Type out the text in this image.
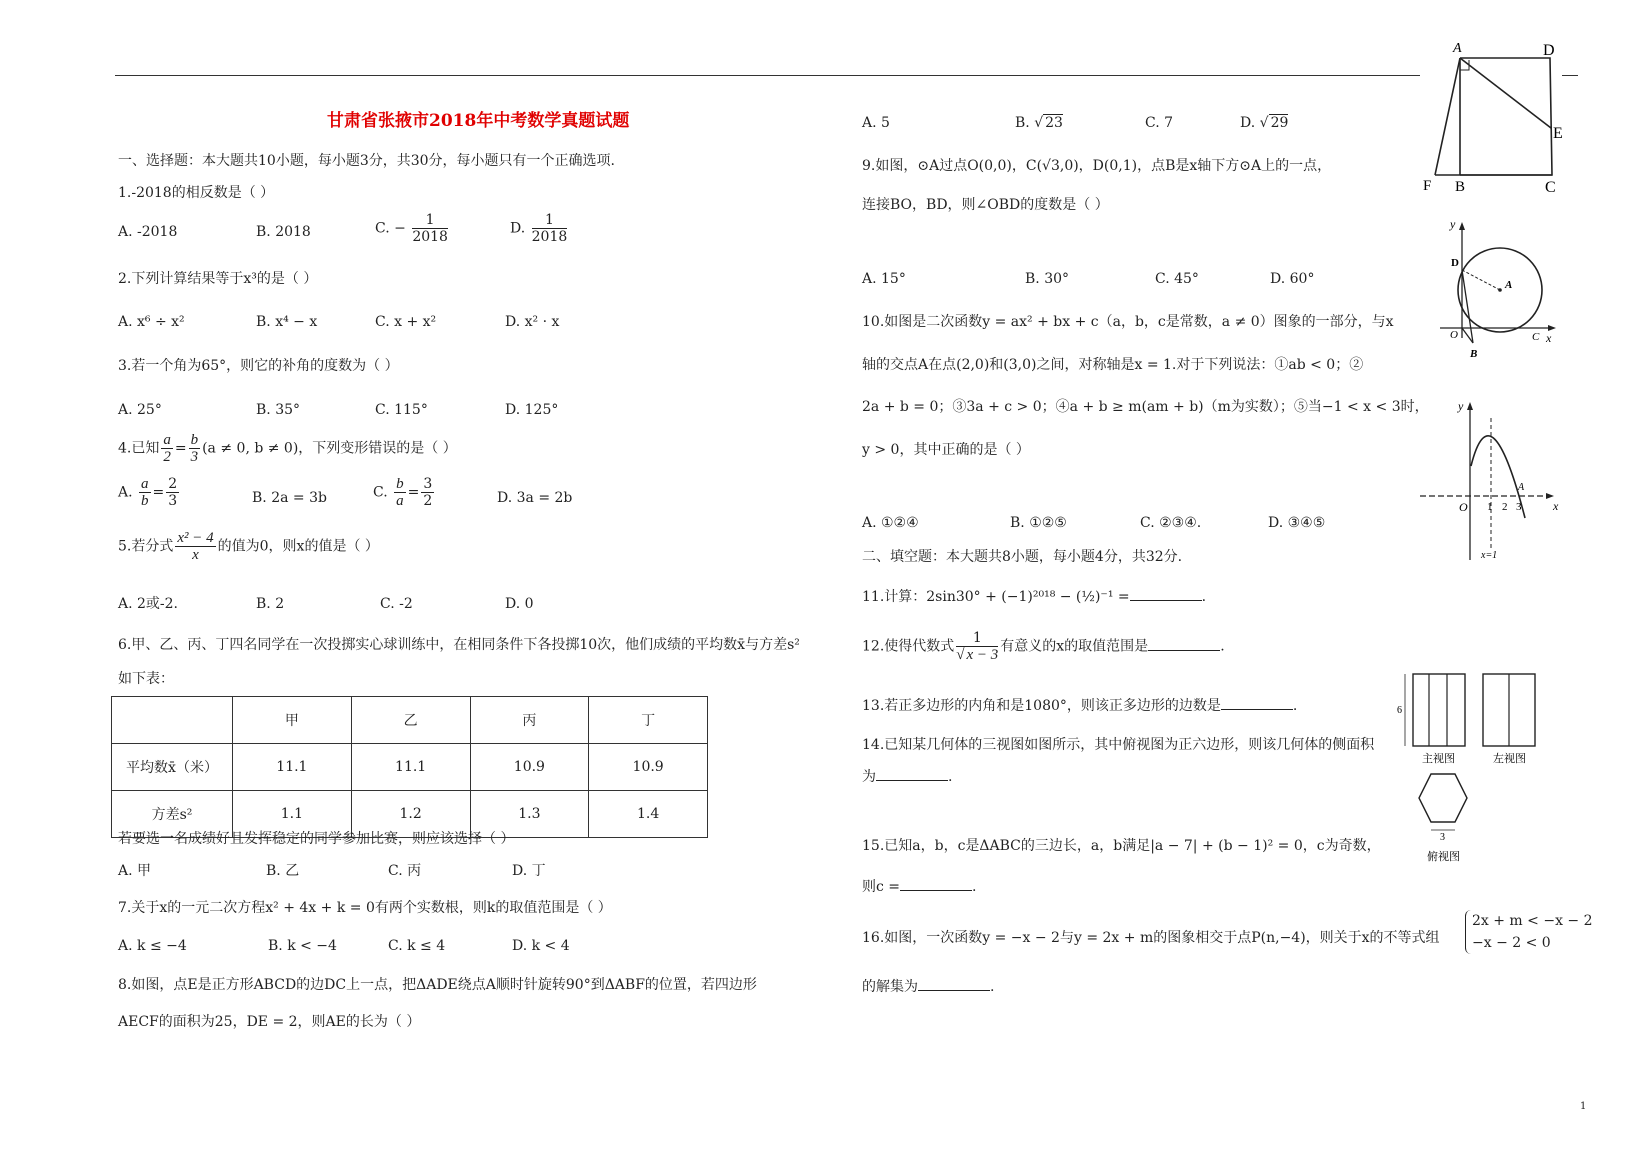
甘肃省张掖市2018年中考数学真题试题
一、选择题：本大题共10小题，每小题3分，共30分，每小题只有一个正确选项.
1.-2018的相反数是（ ）
A. -2018	B. 2018	C. − $\frac{1}{2018}$	D. $\frac{1}{2018}$
2.下列计算结果等于x³的是（ ）
A. x⁶ ÷ x²	B. x⁴ − x	C. x + x²	D. x² · x
3.若一个角为65°，则它的补角的度数为（ ）
A. 25°	B. 35°	C. 115°	D. 125°
4.已知 $\frac{a}{2} = \frac{b}{3} (a \ne 0$, b ≠ 0)，下列变形错误的是（ ）
A. $\frac{a}{b} = \frac{2}{3}$	B. 2a = 3b	C. $\frac{b}{a} = \frac{3}{2}$	D. 3a = 2b
5.若分式 $\frac{\text{x² − 4}}{x}$ 的值为0，则x的值是（ ）
A. 2或-2.	B. 2	C. -2	D. 0
6.甲、乙、丙、丁四名同学在一次投掷实心球训练中，在相同条件下各投掷10次，他们成绩的平均数x̄与方差s²
如下表：
	甲	乙	丙	丁
平均数x̄（米）	11.1	11.1	10.9	10.9
方差s²	1.1	1.2	1.3	1.4
若要选一名成绩好且发挥稳定的同学参加比赛，则应该选择（ ）
A. 甲	B. 乙	C. 丙	D. 丁
7.关于x的一元二次方程x² + 4x + k = 0有两个实数根，则k的取值范围是（ ）
A. k ≤ −4	B. k < −4	C. k ≤ 4	D. k < 4
8.如图，点E是正方形ABCD的边DC上一点，把ΔADE绕点A顺时针旋转90°到ΔABF的位置，若四边形
AECF的面积为25，DE = 2，则AE的长为（ ）
A. 5	B. √ 23	C. 7	D. √ 29
9.如图，⊙A过点O(0,0)，C(√3,0)，D(0,1)，点B是x轴下方⊙A上的一点，
连接BO，BD，则∠OBD的度数是（ ）
A. 15°	B. 30°	C. 45°	D. 60°
10.如图是二次函数y = ax² + bx + c（a，b，c是常数，a ≠ 0）图象的一部分，与x
轴的交点A在点(2,0)和(3,0)之间，对称轴是x = 1.对于下列说法：①ab < 0；②
2a + b = 0；③3a + c > 0；④a + b ≥ m(am + b)（m为实数）；⑤当−1 < x < 3时，
y > 0，其中正确的是（ ）
A. ①②④	B. ①②⑤	C. ②③④.	D. ③④⑤
二、填空题：本大题共8小题，每小题4分，共32分.
11.计算：2sin30° + (−1)²⁰¹⁸ − (½)⁻¹ =	.
12.使得代数式 $\frac{1}{√ x - 3}$ 有意义的x的取值范围是	.
13.若正多边形的内角和是1080°，则该正多边形的边数是	.
14.已知某几何体的三视图如图所示，其中俯视图为正六边形，则该几何体的侧面积
为	.
15.已知a，b，c是ΔABC的三边长，a，b满足|a − 7| + (b − 1)² = 0，c为奇数，
则c =	.
16.如图，一次函数y = −x − 2与y = 2x + m的图象相交于点P(n,−4)，则关于x的不等式组
2x + m < −x − 2
−x − 2 < 0
的解集为	.
A	D
E
F B	C
y
D
A
O	C x
B
y
O 1 2 3
A
x
x=1
6
主视图	左视图
3
俯视图
1
